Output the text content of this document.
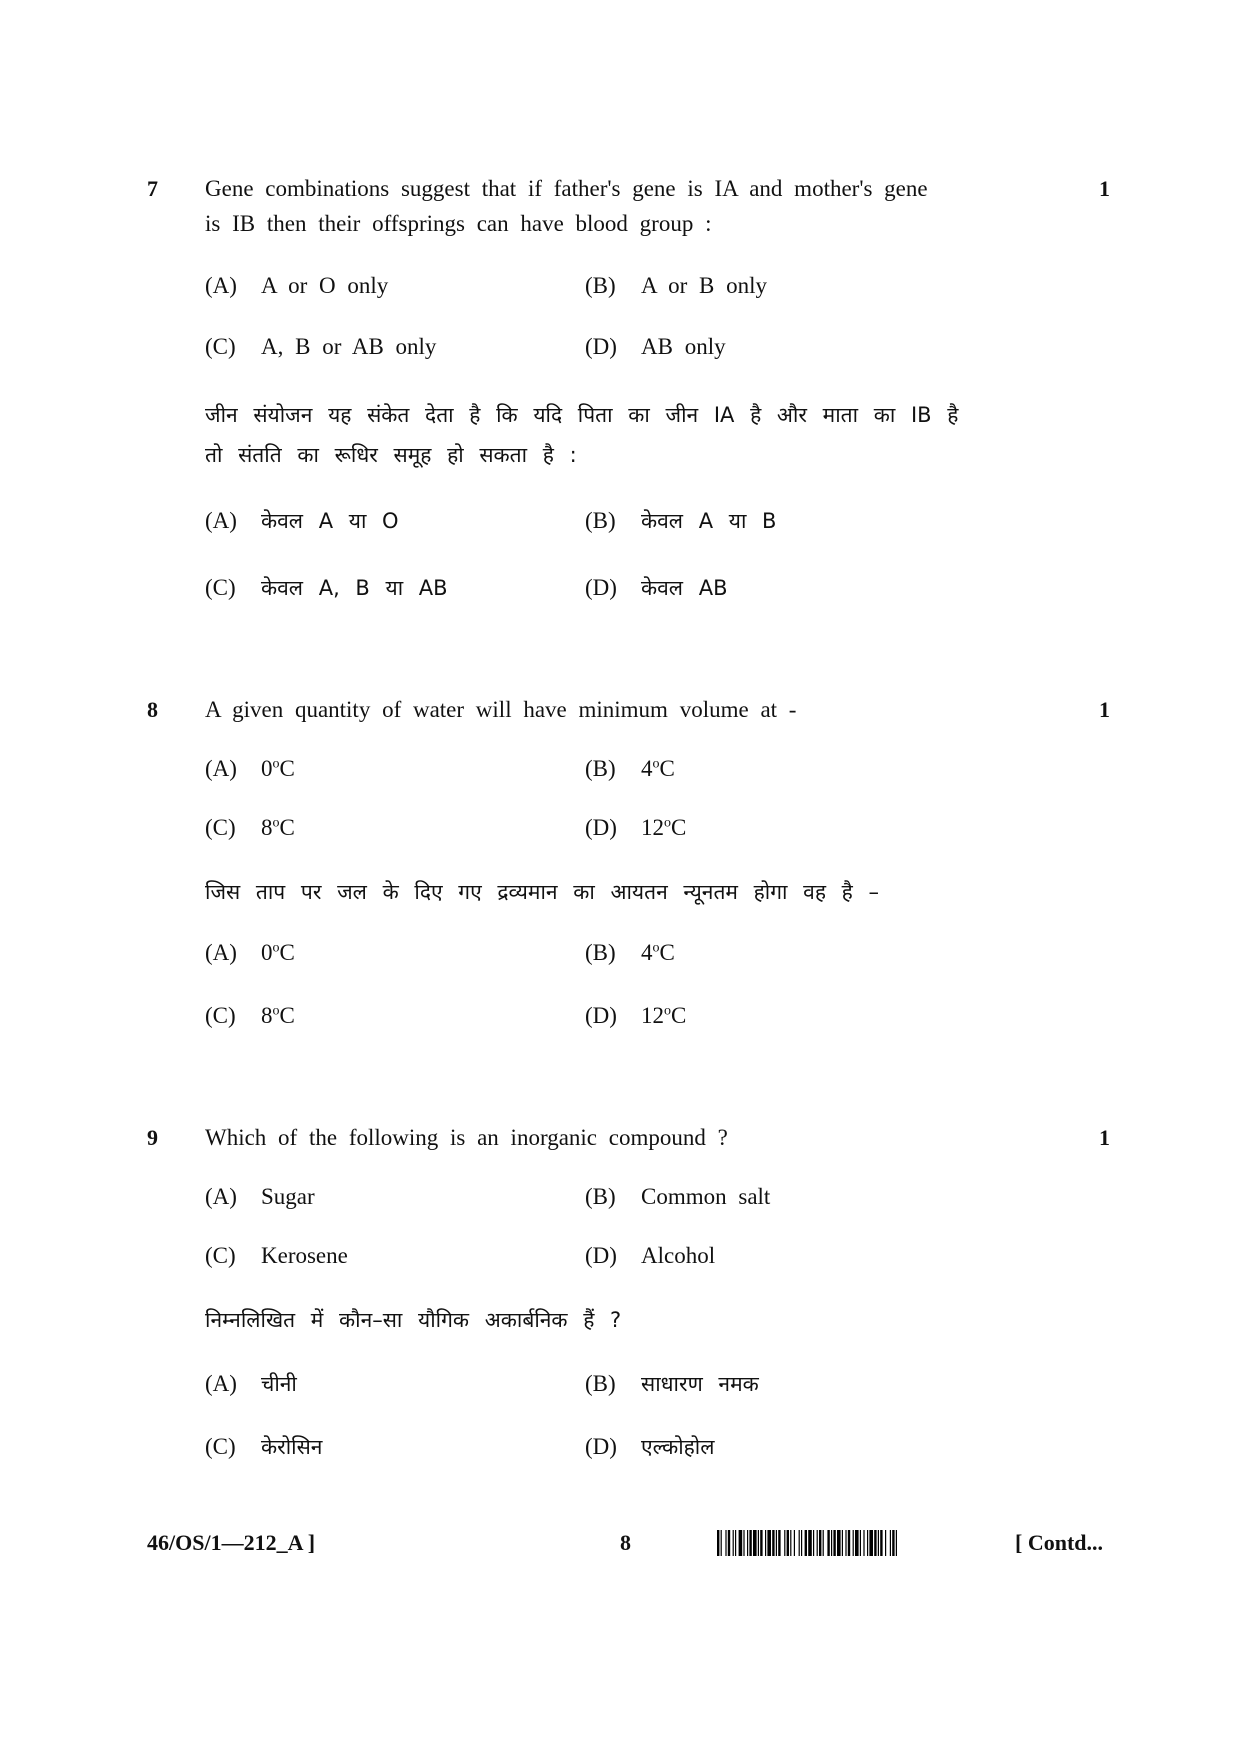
7 Gene combinations suggest that if father's gene is IA and mother's gene	1
is IB then their offsprings can have blood group :
(A) A or O only	(B) A or B only
(C) A, B or AB only	(D) AB only
जीन संयोजन यह संकेत देता है कि यदि पिता का जीन IA है और माता का IB है
तो संतति का रूधिर समूह हो सकता है :
(A) केवल A या O	(B) केवल A या B
(C) केवल A, B या AB	(D) केवल AB
8 A given quantity of water will have minimum volume at -	1
(A) 0$^o$C	(B) 4$^o$C
(C) 8$^o$C	(D) 12$^o$C
जिस ताप पर जल के दिए गए द्रव्यमान का आयतन न्यूनतम होगा वह है –
(A) 0$^o$C	(B) 4$^o$C
(C) 8$^o$C	(D) 12$^o$C
9 Which of the following is an inorganic compound ?	1
(A) Sugar	(B) Common salt
(C) Kerosene	(D) Alcohol
निम्नलिखित में कौन–सा यौगिक अकार्बनिक हैं ?
(A) चीनी	(B) साधारण नमक
(C) केरोसिन	(D) एल्कोहोल
46/OS/1—212_A ]	8	[ Contd...
